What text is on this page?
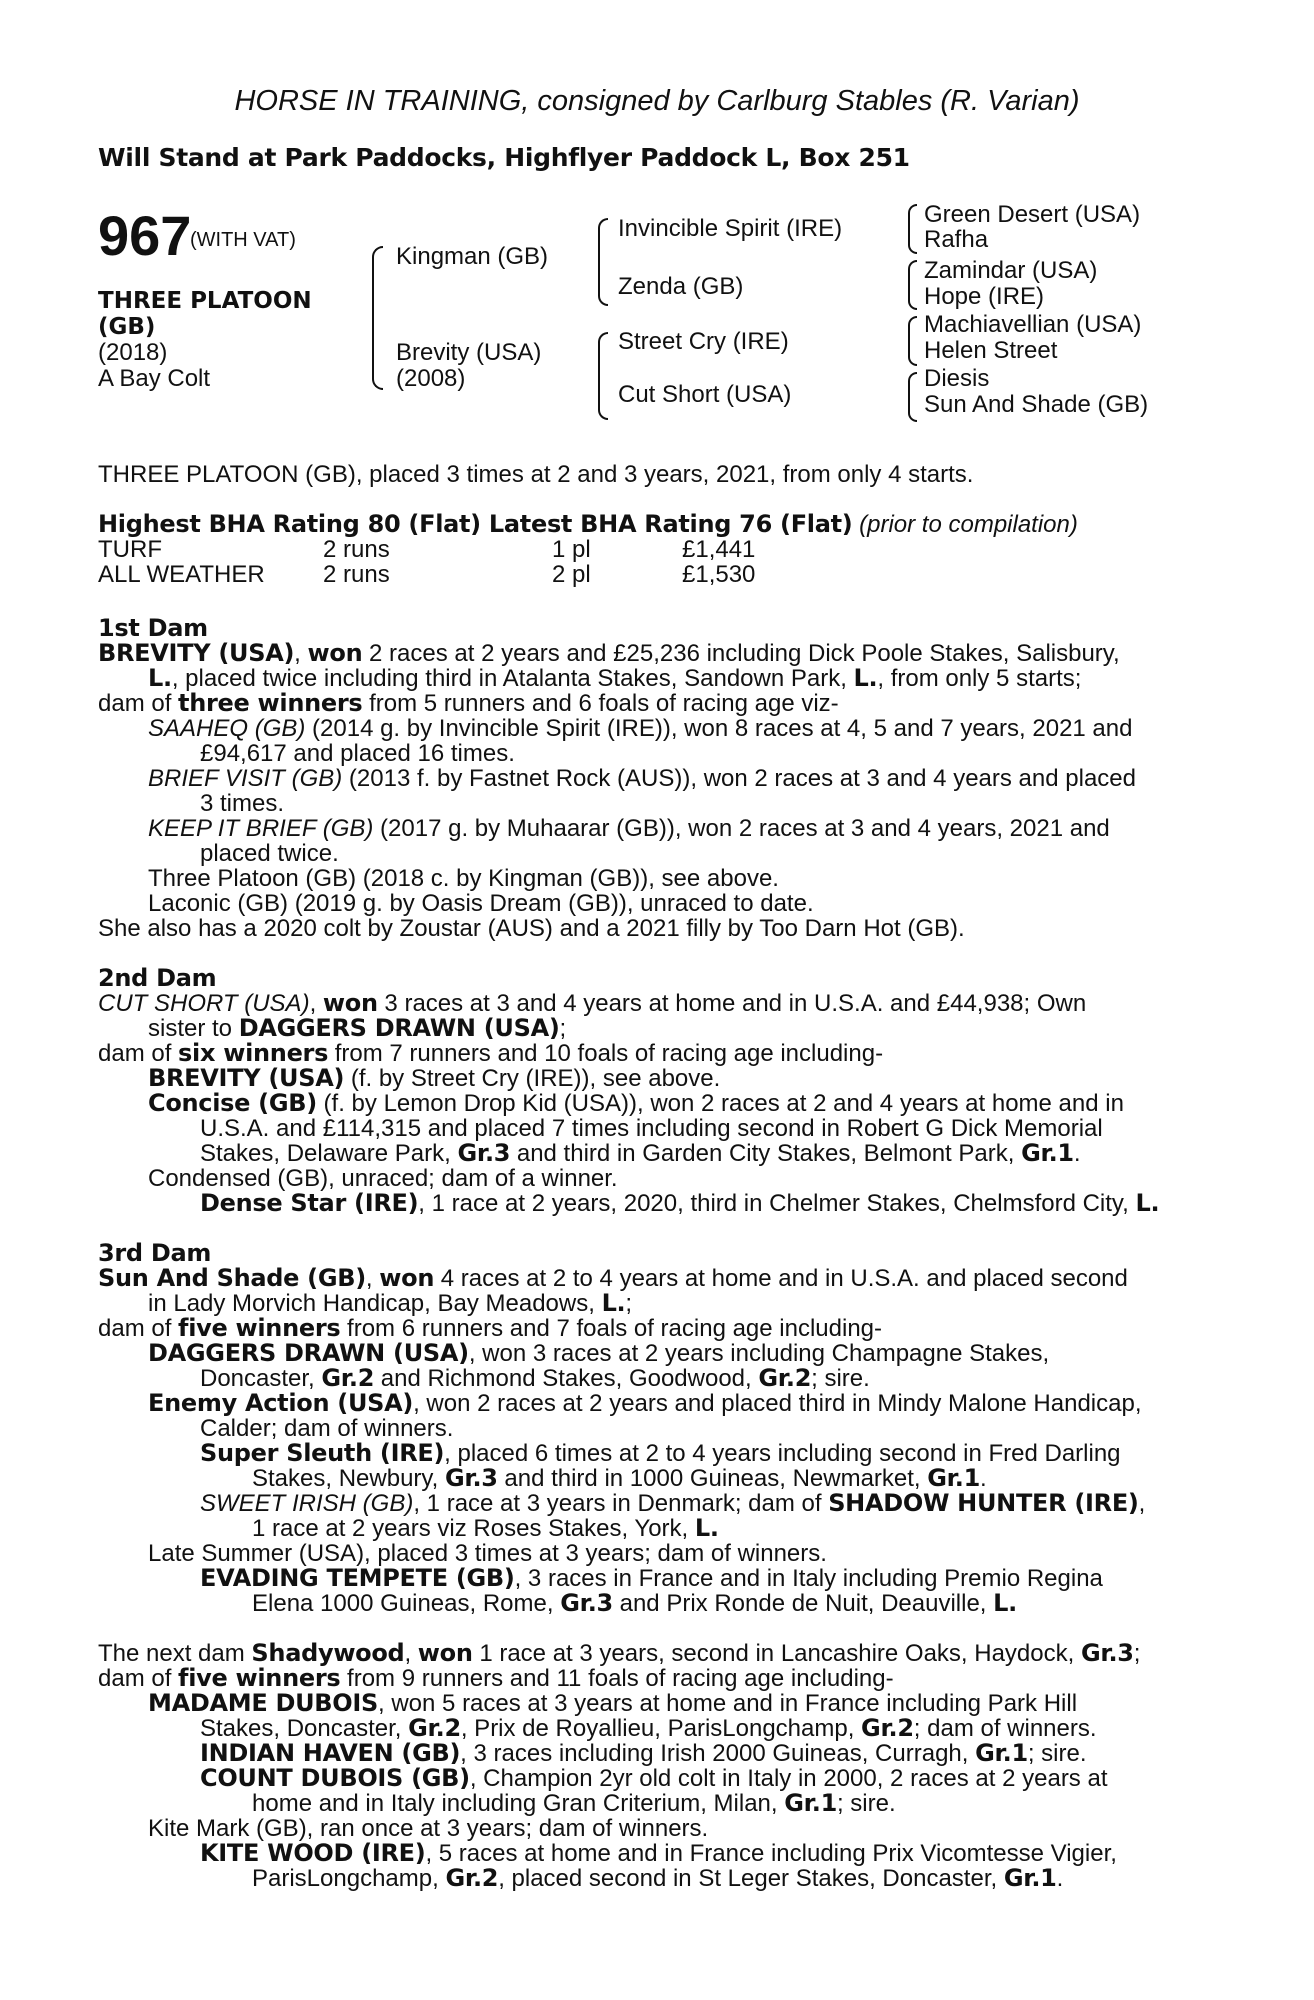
HORSE IN TRAINING, consigned by Carlburg Stables (R. Varian)
Will Stand at Park Paddocks, Highflyer Paddock L, Box 251
967
(WITH VAT)
THREE PLATOON
(GB)
(2018)
A Bay Colt
Kingman (GB)
Brevity (USA)
(2008)
Invincible Spirit (IRE)
Zenda (GB)
Street Cry (IRE)
Cut Short (USA)
Green Desert (USA)
Rafha
Zamindar (USA)
Hope (IRE)
Machiavellian (USA)
Helen Street
Diesis
Sun And Shade (GB)
THREE PLATOON (GB), placed 3 times at 2 and 3 years, 2021, from only 4 starts.
Highest BHA Rating 80 (Flat) Latest BHA Rating 76 (Flat) (prior to compilation)
TURF	2 runs	1 pl	£1,441
ALL WEATHER 2 runs	2 pl	£1,530
1st Dam
BREVITY (USA), won 2 races at 2 years and £25,236 including Dick Poole Stakes, Salisbury,
L., placed twice including third in Atalanta Stakes, Sandown Park, L., from only 5 starts;
dam of three winners from 5 runners and 6 foals of racing age viz-
SAAHEQ (GB) (2014 g. by Invincible Spirit (IRE)), won 8 races at 4, 5 and 7 years, 2021 and
£94,617 and placed 16 times.
BRIEF VISIT (GB) (2013 f. by Fastnet Rock (AUS)), won 2 races at 3 and 4 years and placed
3 times.
KEEP IT BRIEF (GB) (2017 g. by Muhaarar (GB)), won 2 races at 3 and 4 years, 2021 and
placed twice.
Three Platoon (GB) (2018 c. by Kingman (GB)), see above.
Laconic (GB) (2019 g. by Oasis Dream (GB)), unraced to date.
She also has a 2020 colt by Zoustar (AUS) and a 2021 filly by Too Darn Hot (GB).
2nd Dam
CUT SHORT (USA), won 3 races at 3 and 4 years at home and in U.S.A. and £44,938; Own
sister to DAGGERS DRAWN (USA);
dam of six winners from 7 runners and 10 foals of racing age including-
BREVITY (USA) (f. by Street Cry (IRE)), see above.
Concise (GB) (f. by Lemon Drop Kid (USA)), won 2 races at 2 and 4 years at home and in
U.S.A. and £114,315 and placed 7 times including second in Robert G Dick Memorial
Stakes, Delaware Park, Gr.3 and third in Garden City Stakes, Belmont Park, Gr.1.
Condensed (GB), unraced; dam of a winner.
Dense Star (IRE), 1 race at 2 years, 2020, third in Chelmer Stakes, Chelmsford City, L.
3rd Dam
Sun And Shade (GB), won 4 races at 2 to 4 years at home and in U.S.A. and placed second
in Lady Morvich Handicap, Bay Meadows, L.;
dam of five winners from 6 runners and 7 foals of racing age including-
DAGGERS DRAWN (USA), won 3 races at 2 years including Champagne Stakes,
Doncaster, Gr.2 and Richmond Stakes, Goodwood, Gr.2; sire.
Enemy Action (USA), won 2 races at 2 years and placed third in Mindy Malone Handicap,
Calder; dam of winners.
Super Sleuth (IRE), placed 6 times at 2 to 4 years including second in Fred Darling
Stakes, Newbury, Gr.3 and third in 1000 Guineas, Newmarket, Gr.1.
SWEET IRISH (GB), 1 race at 3 years in Denmark; dam of SHADOW HUNTER (IRE),
1 race at 2 years viz Roses Stakes, York, L.
Late Summer (USA), placed 3 times at 3 years; dam of winners.
EVADING TEMPETE (GB), 3 races in France and in Italy including Premio Regina
Elena 1000 Guineas, Rome, Gr.3 and Prix Ronde de Nuit, Deauville, L.
The next dam Shadywood, won 1 race at 3 years, second in Lancashire Oaks, Haydock, Gr.3;
dam of five winners from 9 runners and 11 foals of racing age including-
MADAME DUBOIS, won 5 races at 3 years at home and in France including Park Hill
Stakes, Doncaster, Gr.2, Prix de Royallieu, ParisLongchamp, Gr.2; dam of winners.
INDIAN HAVEN (GB), 3 races including Irish 2000 Guineas, Curragh, Gr.1; sire.
COUNT DUBOIS (GB), Champion 2yr old colt in Italy in 2000, 2 races at 2 years at
home and in Italy including Gran Criterium, Milan, Gr.1; sire.
Kite Mark (GB), ran once at 3 years; dam of winners.
KITE WOOD (IRE), 5 races at home and in France including Prix Vicomtesse Vigier,
ParisLongchamp, Gr.2, placed second in St Leger Stakes, Doncaster, Gr.1.
